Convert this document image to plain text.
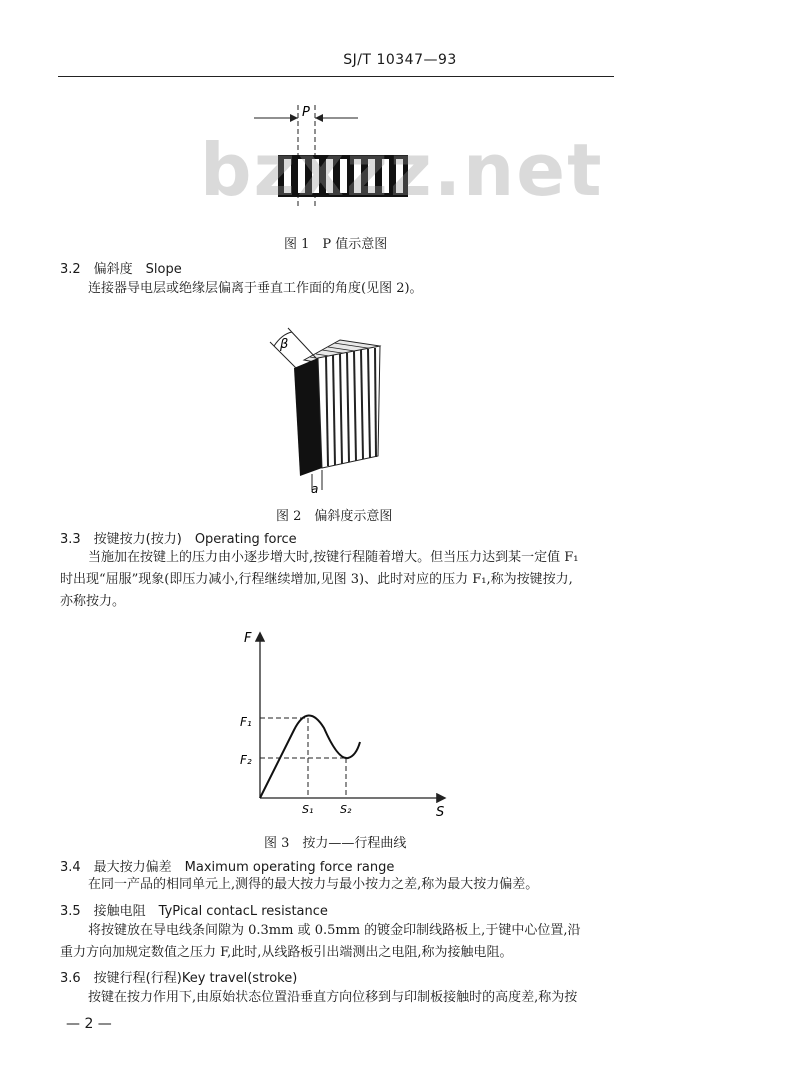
SJ/T 10347—93
P
bzxzz.net
图 1　P 值示意图
3.2　偏斜度　Slope
连接器导电层或绝缘层偏离于垂直工作面的角度(见图 2)。
β
a
图 2　偏斜度示意图
3.3　按键按力(按力)　Operating force
当施加在按键上的压力由小逐步增大时,按键行程随着增大。但当压力达到某一定值 F₁
时出现“屈服”现象(即压力减小,行程继续增加,见图 3)、此时对应的压力 F₁,称为按键按力,
亦称按力。
F
S
F₁
F₂
S₁ S₂
图 3　按力——行程曲线
3.4　最大按力偏差　Maximum operating force range
在同一产品的相同单元上,测得的最大按力与最小按力之差,称为最大按力偏差。
3.5　接触电阻　TyPical contacL resistance
将按键放在导电线条间隙为 0.3mm 或 0.5mm 的镀金印制线路板上,于键中心位置,沿
重力方向加规定数值之压力 F,此时,从线路板引出端测出之电阻,称为接触电阻。
3.6　按键行程(行程)Key travel(stroke)
按键在按力作用下,由原始状态位置沿垂直方向位移到与印制板接触时的高度差,称为按
— 2 —
